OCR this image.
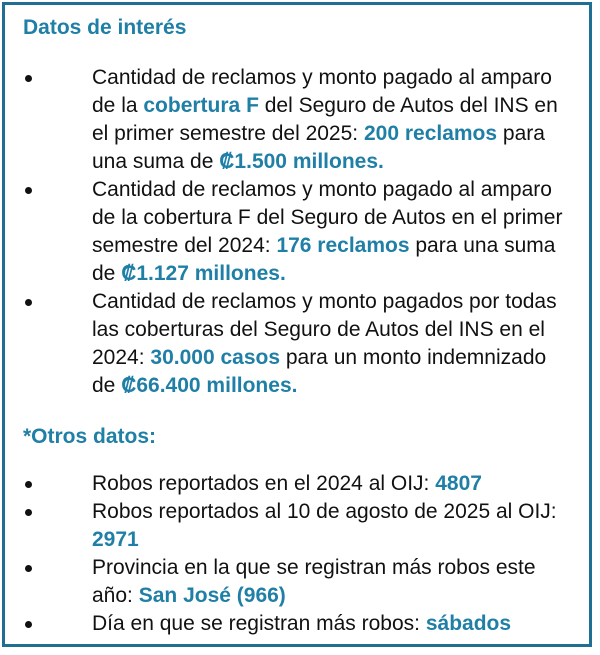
Datos de interés
Cantidad de reclamos y monto pagado al amparo de la cobertura F del Seguro de Autos del INS en el primer semestre del 2025: 200 reclamos para una suma de ₡1.500 millones.
Cantidad de reclamos y monto pagado al amparo de la cobertura F del Seguro de Autos en el primer semestre del 2024: 176 reclamos para una suma de ₡1.127 millones.
Cantidad de reclamos y monto pagados por todas las coberturas del Seguro de Autos del INS en el 2024: 30.000 casos para un monto indemnizado de ₡66.400 millones.
*Otros datos:
Robos reportados en el 2024 al OIJ: 4807
Robos reportados al 10 de agosto de 2025 al OIJ: 2971
Provincia en la que se registran más robos este año: San José (966)
Día en que se registran más robos: sábados
